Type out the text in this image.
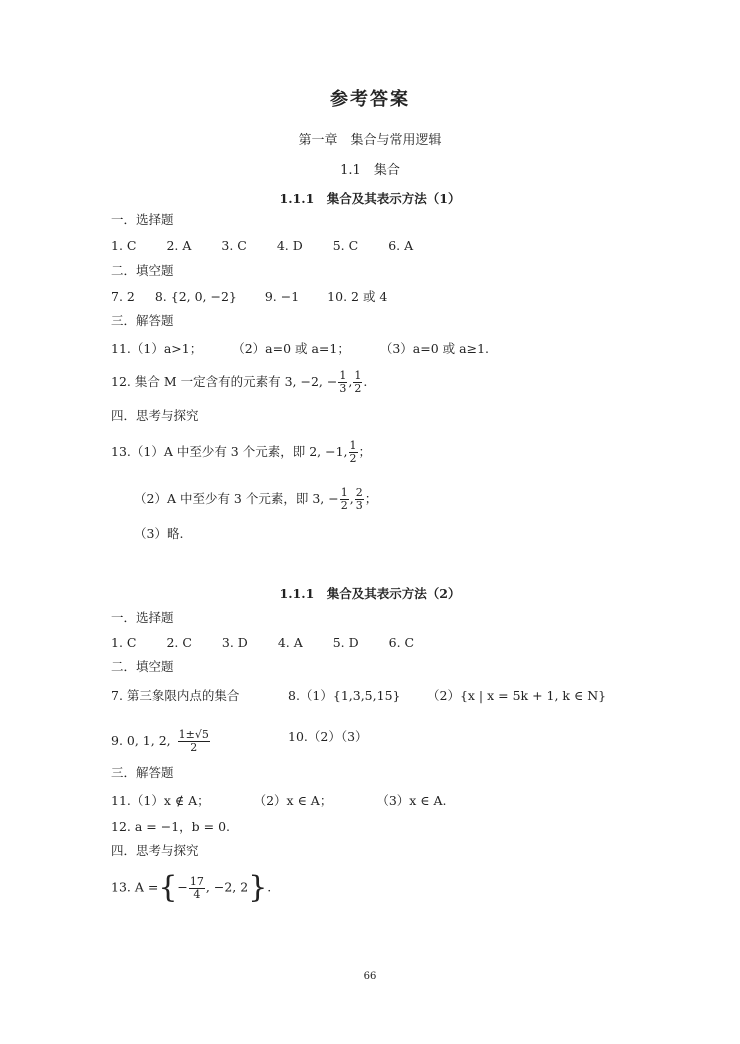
参考答案
第一章　集合与常用逻辑
1.1　集合
1.1.1　集合及其表示方法（1）
一．选择题
1. C 2. A 3. C 4. D 5. C 6. A
二．填空题
7. 2 8. {2, 0, −2} 9. −1 10. 2 或 4
三．解答题
11.（1）a>1； （2）a=0 或 a=1； （3）a=0 或 a≥1.
12. 集合 M 一定含有的元素有 3, −2, − $\frac{1}{3}$ , $\frac{1}{2}$ .
四．思考与探究
13.（1）A 中至少有 3 个元素，即 2, −1, $\frac{1}{2}$ ；
（2）A 中至少有 3 个元素，即 3, − $\frac{1}{2}$ , $\frac{2}{3}$ ；
（3）略.
1.1.1　集合及其表示方法（2）
一．选择题
1. C 2. C 3. D 4. A 5. D 6. C
二．填空题
7. 第三象限内点的集合	8.（1）{1,3,5,15} （2）{x | x = 5k + 1, k ∈ N}
9. 0, 1, 2, $\frac{1\pm√5}{2}$	10.（2）（3）
三．解答题
11.（1）x ∉ A；	（2）x ∈ A；	（3）x ∈ A.
12. a = −1，b = 0.
四．思考与探究
13. A ={− $\frac{17}{4}$ , −2, 2}.
66
